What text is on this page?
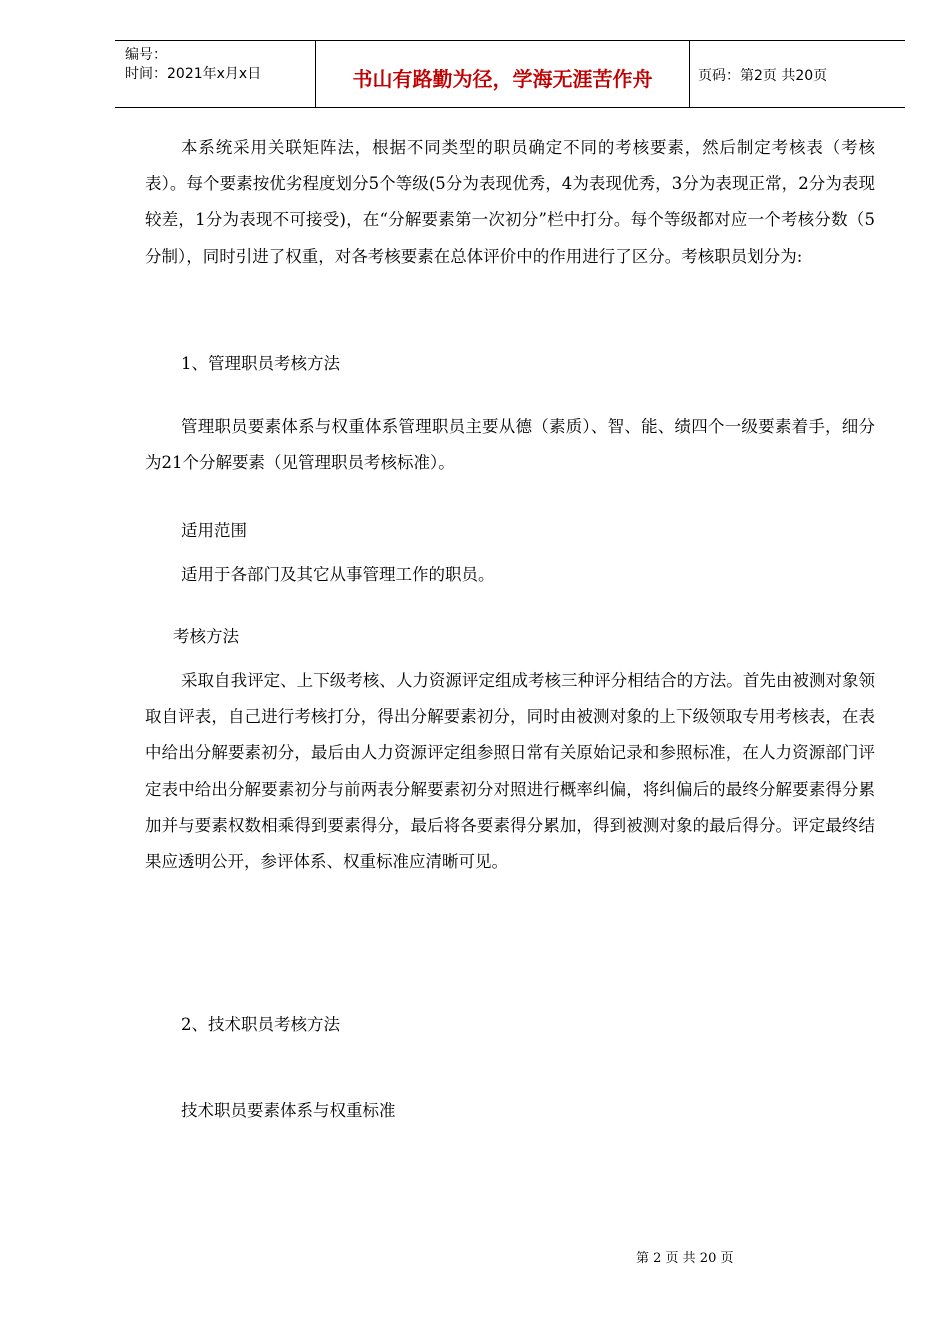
编号：
时间：2021年x月x日	书山有路勤为径，学海无涯苦作舟	页码：第2页 共20页
本系统采用关联矩阵法，根据不同类型的职员确定不同的考核要素，然后制定考核表（考核表）。每个要素按优劣程度划分5个等级(5分为表现优秀，4为表现优秀，3分为表现正常，2分为表现较差，1分为表现不可接受)，在“分解要素第一次初分”栏中打分。每个等级都对应一个考核分数（5分制），同时引进了权重，对各考核要素在总体评价中的作用进行了区分。考核职员划分为:
1、管理职员考核方法
管理职员要素体系与权重体系管理职员主要从德（素质）、智、能、绩四个一级要素着手，细分为21个分解要素（见管理职员考核标准）。
适用范围
适用于各部门及其它从事管理工作的职员。
考核方法
采取自我评定、上下级考核、人力资源评定组成考核三种评分相结合的方法。首先由被测对象领取自评表，自己进行考核打分，得出分解要素初分，同时由被测对象的上下级领取专用考核表，在表中给出分解要素初分，最后由人力资源评定组参照日常有关原始记录和参照标准，在人力资源部门评定表中给出分解要素初分与前两表分解要素初分对照进行概率纠偏，将纠偏后的最终分解要素得分累加并与要素权数相乘得到要素得分，最后将各要素得分累加，得到被测对象的最后得分。评定最终结果应透明公开，参评体系、权重标准应清晰可见。
2、技术职员考核方法
技术职员要素体系与权重标准
第 2 页 共 20 页
